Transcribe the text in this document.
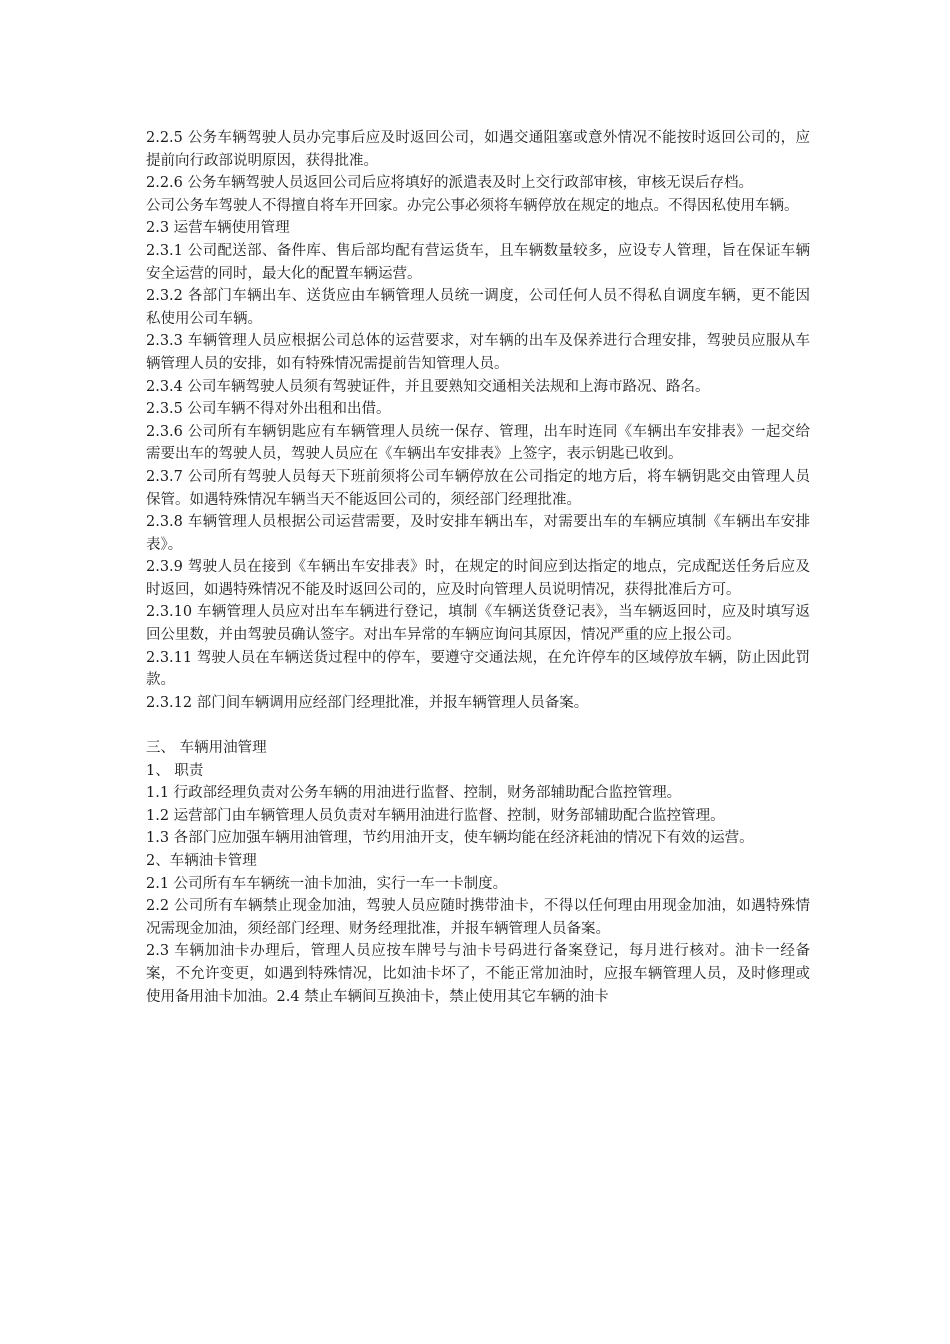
2.2.5 公务车辆驾驶人员办完事后应及时返回公司，如遇交通阻塞或意外情况不能按时返回公司的，应提前向行政部说明原因，获得批准。

2.2.6 公务车辆驾驶人员返回公司后应将填好的派遣表及时上交行政部审核，审核无误后存档。

公司公务车驾驶人不得擅自将车开回家。办完公事必须将车辆停放在规定的地点。不得因私使用车辆。

2.3 运营车辆使用管理

2.3.1 公司配送部、备件库、售后部均配有营运货车，且车辆数量较多，应设专人管理，旨在保证车辆安全运营的同时，最大化的配置车辆运营。

2.3.2 各部门车辆出车、送货应由车辆管理人员统一调度，公司任何人员不得私自调度车辆，更不能因私使用公司车辆。

2.3.3 车辆管理人员应根据公司总体的运营要求，对车辆的出车及保养进行合理安排，驾驶员应服从车辆管理人员的安排，如有特殊情况需提前告知管理人员。

2.3.4 公司车辆驾驶人员须有驾驶证件，并且要熟知交通相关法规和上海市路况、路名。

2.3.5 公司车辆不得对外出租和出借。

2.3.6 公司所有车辆钥匙应有车辆管理人员统一保存、管理，出车时连同《车辆出车安排表》一起交给需要出车的驾驶人员，驾驶人员应在《车辆出车安排表》上签字，表示钥匙已收到。

2.3.7 公司所有驾驶人员每天下班前须将公司车辆停放在公司指定的地方后，将车辆钥匙交由管理人员保管。如遇特殊情况车辆当天不能返回公司的，须经部门经理批准。

2.3.8 车辆管理人员根据公司运营需要，及时安排车辆出车，对需要出车的车辆应填制《车辆出车安排表》。

2.3.9 驾驶人员在接到《车辆出车安排表》时，在规定的时间应到达指定的地点，完成配送任务后应及时返回，如遇特殊情况不能及时返回公司的，应及时向管理人员说明情况，获得批准后方可。

2.3.10 车辆管理人员应对出车车辆进行登记，填制《车辆送货登记表》，当车辆返回时，应及时填写返回公里数，并由驾驶员确认签字。对出车异常的车辆应询问其原因，情况严重的应上报公司。

2.3.11 驾驶人员在车辆送货过程中的停车，要遵守交通法规，在允许停车的区域停放车辆，防止因此罚款。

2.3.12 部门间车辆调用应经部门经理批准，并报车辆管理人员备案。

三、 车辆用油管理

1、 职责

1.1 行政部经理负责对公务车辆的用油进行监督、控制，财务部辅助配合监控管理。

1.2 运营部门由车辆管理人员负责对车辆用油进行监督、控制，财务部辅助配合监控管理。

1.3 各部门应加强车辆用油管理，节约用油开支，使车辆均能在经济耗油的情况下有效的运营。

2、车辆油卡管理

2.1 公司所有车车辆统一油卡加油，实行一车一卡制度。

2.2 公司所有车辆禁止现金加油，驾驶人员应随时携带油卡，不得以任何理由用现金加油，如遇特殊情况需现金加油，须经部门经理、财务经理批准，并报车辆管理人员备案。

2.3 车辆加油卡办理后，管理人员应按车牌号与油卡号码进行备案登记，每月进行核对。油卡一经备案，不允许变更，如遇到特殊情况，比如油卡坏了，不能正常加油时，应报车辆管理人员，及时修理或使用备用油卡加油。2.4 禁止车辆间互换油卡，禁止使用其它车辆的油卡
